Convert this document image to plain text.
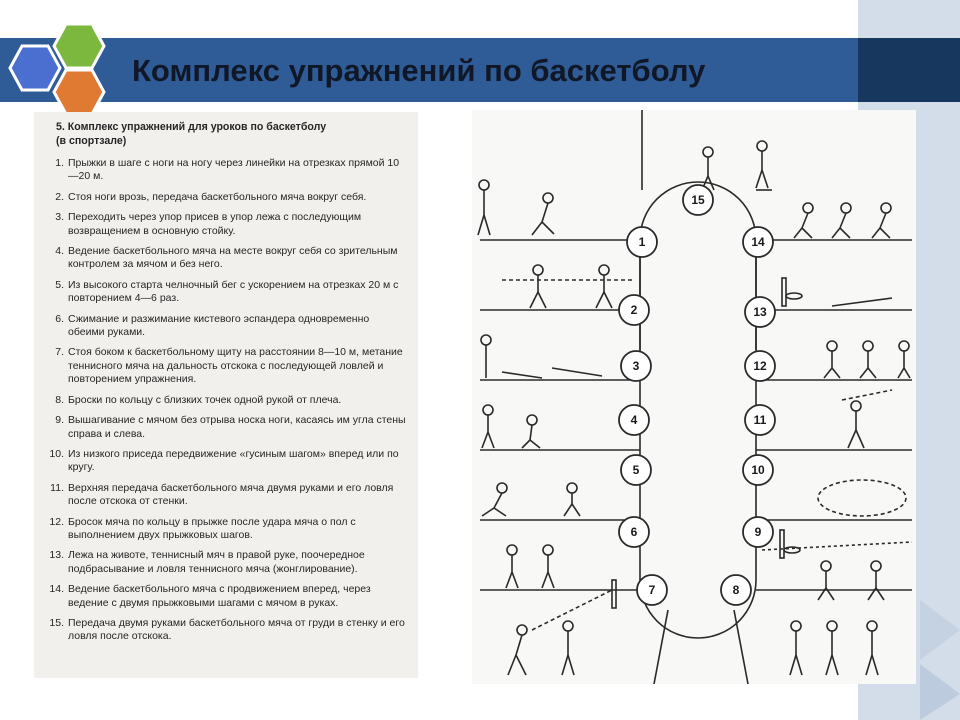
Комплекс упражнений по баскетболу
5. Комплекс упражнений для уроков по баскетболу
(в спортзале)
1. Прыжки в шаге с ноги на ногу через линейки на отрезках прямой 10—20 м.
2. Стоя ноги врозь, передача баскетбольного мяча вокруг себя.
3. Переходить через упор присев в упор лежа с последующим возвращением в основную стойку.
4. Ведение баскетбольного мяча на месте вокруг себя со зрительным контролем за мячом и без него.
5. Из высокого старта челночный бег с ускорением на отрезках 20 м с повторением 4—6 раз.
6. Сжимание и разжимание кистевого эспандера одновременно обеими руками.
7. Стоя боком к баскетбольному щиту на расстоянии 8—10 м, метание теннисного мяча на дальность отскока с последующей ловлей и повторением упражнения.
8. Броски по кольцу с близких точек одной рукой от плеча.
9. Вышагивание с мячом без отрыва носка ноги, касаясь им угла стены справа и слева.
10. Из низкого приседа передвижение «гусиным шагом» вперед или по кругу.
11. Верхняя передача баскетбольного мяча двумя руками и его ловля после отскока от стенки.
12. Бросок мяча по кольцу в прыжке после удара мяча о пол с выполнением двух прыжковых шагов.
13. Лежа на животе, теннисный мяч в правой руке, поочередное подбрасывание и ловля теннисного мяча (жонглирование).
14. Ведение баскетбольного мяча с продвижением вперед, через ведение с двумя прыжковыми шагами с мячом в руках.
15. Передача двумя руками баскетбольного мяча от груди в стенку и его ловля после отскока.
15
1	14
2	13
3	12
4	11
5	10
6	9
7	8
